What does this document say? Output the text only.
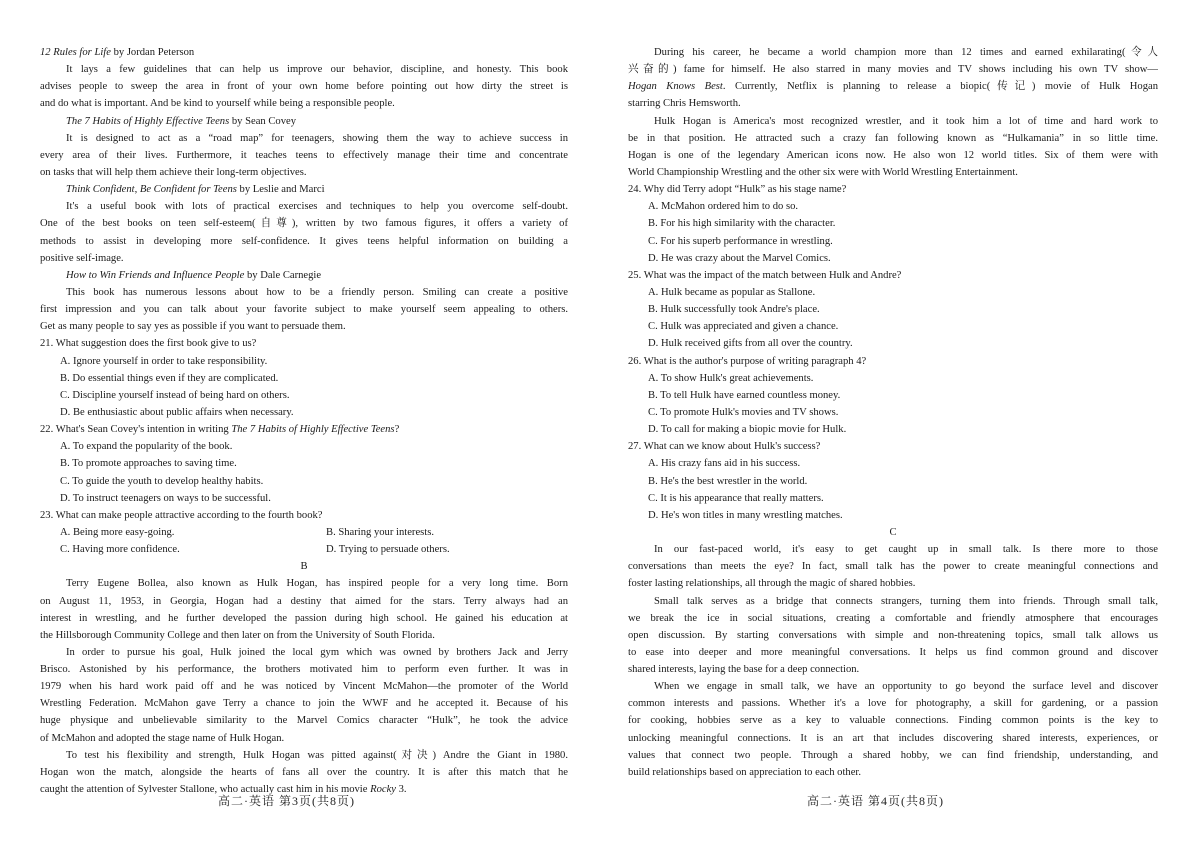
12 Rules for Life by Jordan Peterson
It lays a few guidelines that can help us improve our behavior, discipline, and honesty. This book
advises people to sweep the area in front of your own home before pointing out how dirty the street is
and do what is important. And be kind to yourself while being a responsible people.
The 7 Habits of Highly Effective Teens by Sean Covey
It is designed to act as a “road map” for teenagers, showing them the way to achieve success in
every area of their lives. Furthermore, it teaches teens to effectively manage their time and concentrate
on tasks that will help them achieve their long-term objectives.
Think Confident, Be Confident for Teens by Leslie and Marci
It's a useful book with lots of practical exercises and techniques to help you overcome self-doubt.
One of the best books on teen self-esteem(自尊), written by two famous figures, it offers a variety of
methods to assist in developing more self-confidence. It gives teens helpful information on building a
positive self-image.
How to Win Friends and Influence People by Dale Carnegie
This book has numerous lessons about how to be a friendly person. Smiling can create a positive
first impression and you can talk about your favorite subject to make yourself seem appealing to others.
Get as many people to say yes as possible if you want to persuade them.
21. What suggestion does the first book give to us?
A. Ignore yourself in order to take responsibility.
B. Do essential things even if they are complicated.
C. Discipline yourself instead of being hard on others.
D. Be enthusiastic about public affairs when necessary.
22. What's Sean Covey's intention in writing The 7 Habits of Highly Effective Teens?
A. To expand the popularity of the book.
B. To promote approaches to saving time.
C. To guide the youth to develop healthy habits.
D. To instruct teenagers on ways to be successful.
23. What can make people attractive according to the fourth book?
A. Being more easy-going.	B. Sharing your interests.
C. Having more confidence.	D. Trying to persuade others.
B
Terry Eugene Bollea, also known as Hulk Hogan, has inspired people for a very long time. Born
on August 11, 1953, in Georgia, Hogan had a destiny that aimed for the stars. Terry always had an
interest in wrestling, and he further developed the passion during high school. He gained his education at
the Hillsborough Community College and then later on from the University of South Florida.
In order to pursue his goal, Hulk joined the local gym which was owned by brothers Jack and Jerry
Brisco. Astonished by his performance, the brothers motivated him to perform even further. It was in
1979 when his hard work paid off and he was noticed by Vincent McMahon—the promoter of the World
Wrestling Federation. McMahon gave Terry a chance to join the WWF and he accepted it. Because of his
huge physique and unbelievable similarity to the Marvel Comics character “Hulk”, he took the advice
of McMahon and adopted the stage name of Hulk Hogan.
To test his flexibility and strength, Hulk Hogan was pitted against(对决) Andre the Giant in 1980.
Hogan won the match, alongside the hearts of fans all over the country. It is after this match that he
caught the attention of Sylvester Stallone, who actually cast him in his movie Rocky 3.
高二·英语 第3页(共8页)
During his career, he became a world champion more than 12 times and earned exhilarating(令人
兴奋的) fame for himself. He also starred in many movies and TV shows including his own TV show—
Hogan Knows Best. Currently, Netflix is planning to release a biopic(传记) movie of Hulk Hogan
starring Chris Hemsworth.
Hulk Hogan is America's most recognized wrestler, and it took him a lot of time and hard work to
be in that position. He attracted such a crazy fan following known as “Hulkamania” in so little time.
Hogan is one of the legendary American icons now. He also won 12 world titles. Six of them were with
World Championship Wrestling and the other six were with World Wrestling Entertainment.
24. Why did Terry adopt “Hulk” as his stage name?
A. McMahon ordered him to do so.
B. For his high similarity with the character.
C. For his superb performance in wrestling.
D. He was crazy about the Marvel Comics.
25. What was the impact of the match between Hulk and Andre?
A. Hulk became as popular as Stallone.
B. Hulk successfully took Andre's place.
C. Hulk was appreciated and given a chance.
D. Hulk received gifts from all over the country.
26. What is the author's purpose of writing paragraph 4?
A. To show Hulk's great achievements.
B. To tell Hulk have earned countless money.
C. To promote Hulk's movies and TV shows.
D. To call for making a biopic movie for Hulk.
27. What can we know about Hulk's success?
A. His crazy fans aid in his success.
B. He's the best wrestler in the world.
C. It is his appearance that really matters.
D. He's won titles in many wrestling matches.
C
In our fast-paced world, it's easy to get caught up in small talk. Is there more to those
conversations than meets the eye? In fact, small talk has the power to create meaningful connections and
foster lasting relationships, all through the magic of shared hobbies.
Small talk serves as a bridge that connects strangers, turning them into friends. Through small talk,
we break the ice in social situations, creating a comfortable and friendly atmosphere that encourages
open discussion. By starting conversations with simple and non-threatening topics, small talk allows us
to ease into deeper and more meaningful conversations. It helps us find common ground and discover
shared interests, laying the base for a deep connection.
When we engage in small talk, we have an opportunity to go beyond the surface level and discover
common interests and passions. Whether it's a love for photography, a skill for gardening, or a passion
for cooking, hobbies serve as a key to valuable connections. Finding common points is the key to
unlocking meaningful connections. It is an art that includes discovering shared interests, experiences, or
values that connect two people. Through a shared hobby, we can find friendship, understanding, and
build relationships based on appreciation to each other.
高二·英语 第4页(共8页)
